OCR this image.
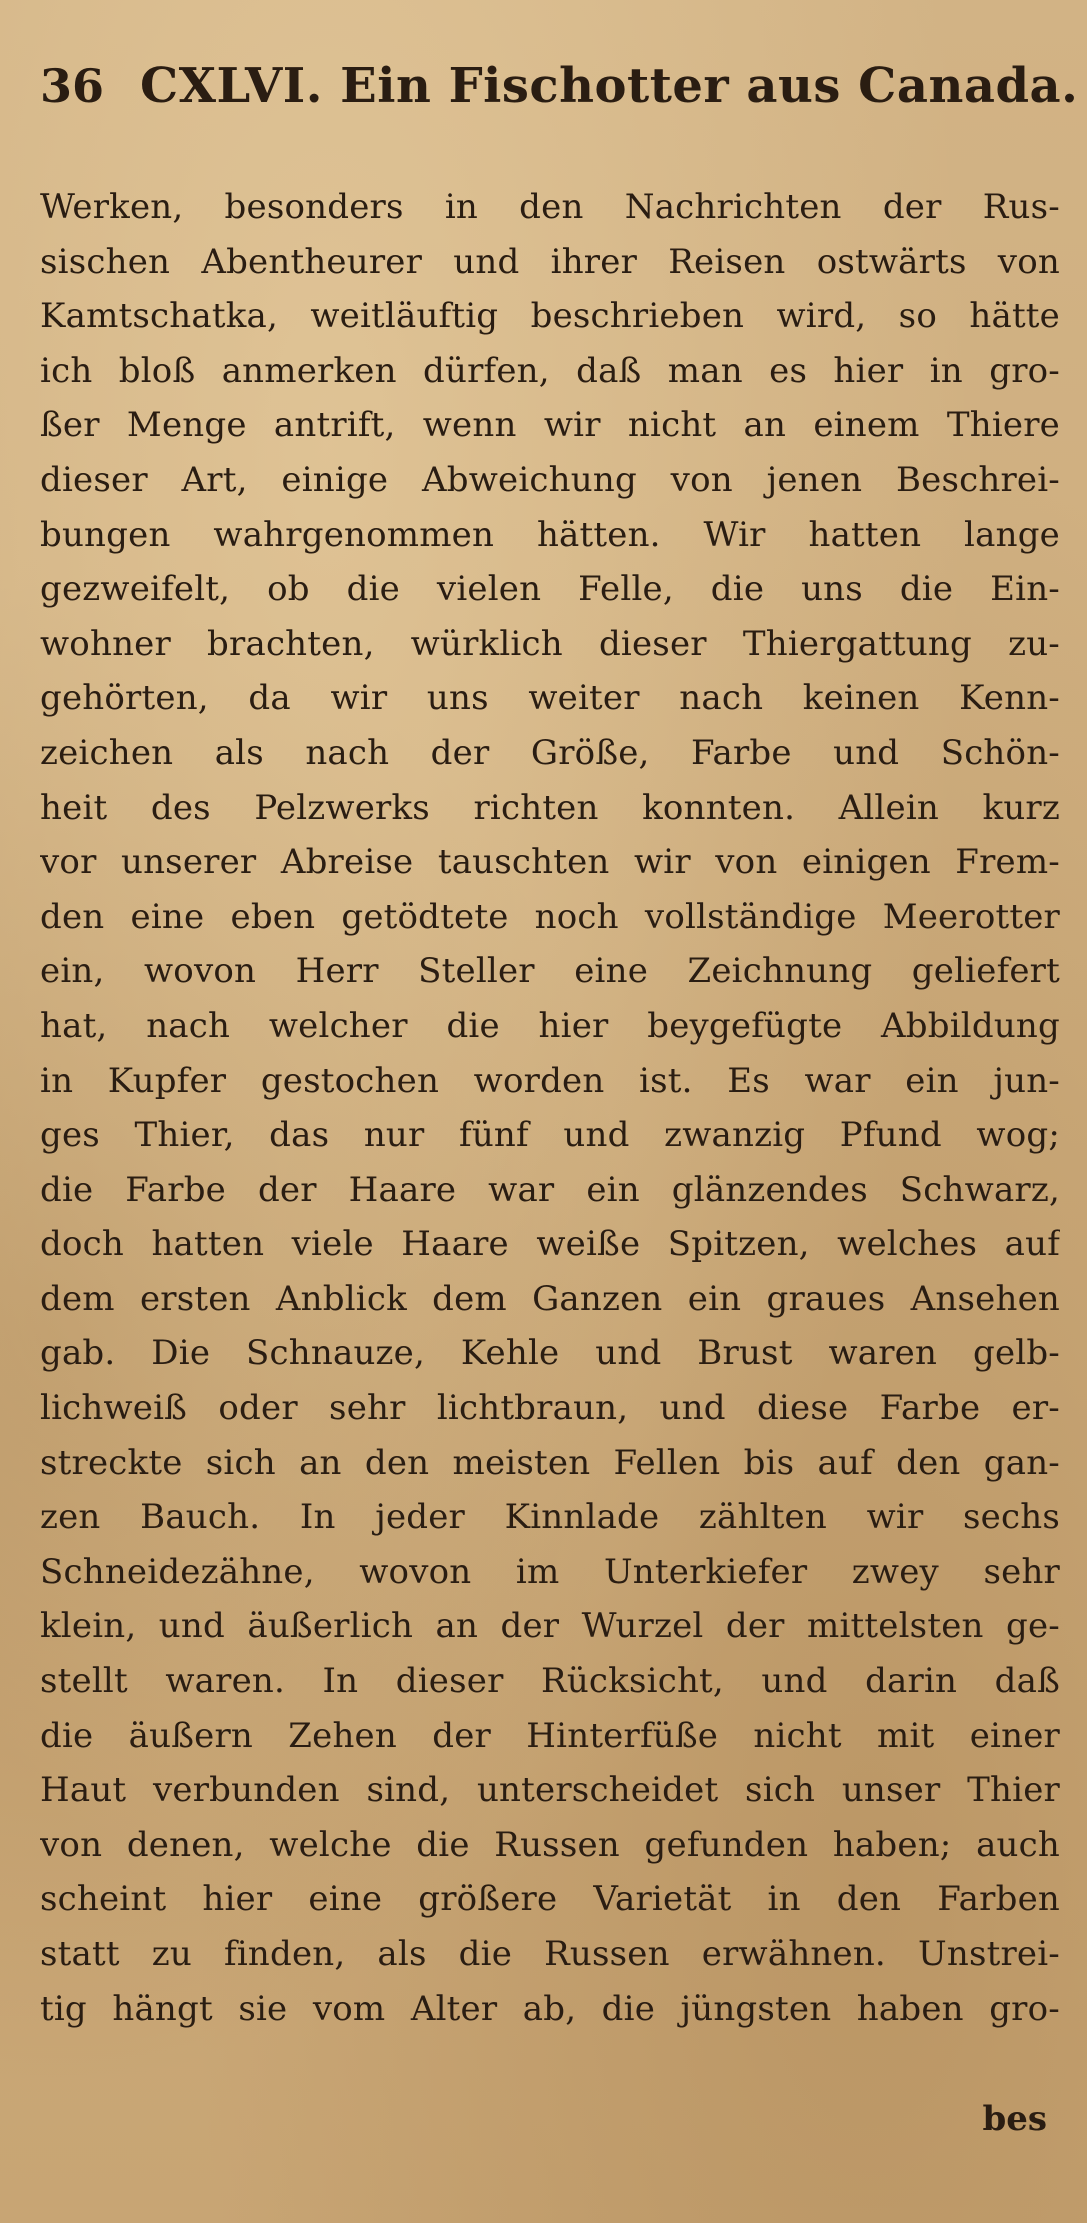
36 CXLVI. Ein Fischotter aus Canada.
Werken, besonders in den Nachrichten der Rus-
sischen Abentheurer und ihrer Reisen ostwärts von
Kamtschatka, weitläuftig beschrieben wird, so hätte
ich bloß anmerken dürfen, daß man es hier in gro-
ßer Menge antrift, wenn wir nicht an einem Thiere
dieser Art, einige Abweichung von jenen Beschrei-
bungen wahrgenommen hätten. Wir hatten lange
gezweifelt, ob die vielen Felle, die uns die Ein-
wohner brachten, würklich dieser Thiergattung zu-
gehörten, da wir uns weiter nach keinen Kenn-
zeichen als nach der Größe, Farbe und Schön-
heit des Pelzwerks richten konnten. Allein kurz
vor unserer Abreise tauschten wir von einigen Frem-
den eine eben getödtete noch vollständige Meerotter
ein, wovon Herr Steller eine Zeichnung geliefert
hat, nach welcher die hier beygefügte Abbildung
in Kupfer gestochen worden ist. Es war ein jun-
ges Thier, das nur fünf und zwanzig Pfund wog;
die Farbe der Haare war ein glänzendes Schwarz,
doch hatten viele Haare weiße Spitzen, welches auf
dem ersten Anblick dem Ganzen ein graues Ansehen
gab. Die Schnauze, Kehle und Brust waren gelb-
lichweiß oder sehr lichtbraun, und diese Farbe er-
streckte sich an den meisten Fellen bis auf den gan-
zen Bauch. In jeder Kinnlade zählten wir sechs
Schneidezähne, wovon im Unterkiefer zwey sehr
klein, und äußerlich an der Wurzel der mittelsten ge-
stellt waren. In dieser Rücksicht, und darin daß
die äußern Zehen der Hinterfüße nicht mit einer
Haut verbunden sind, unterscheidet sich unser Thier
von denen, welche die Russen gefunden haben; auch
scheint hier eine größere Varietät in den Farben
statt zu finden, als die Russen erwähnen. Unstrei-
tig hängt sie vom Alter ab, die jüngsten haben gro-
bes
